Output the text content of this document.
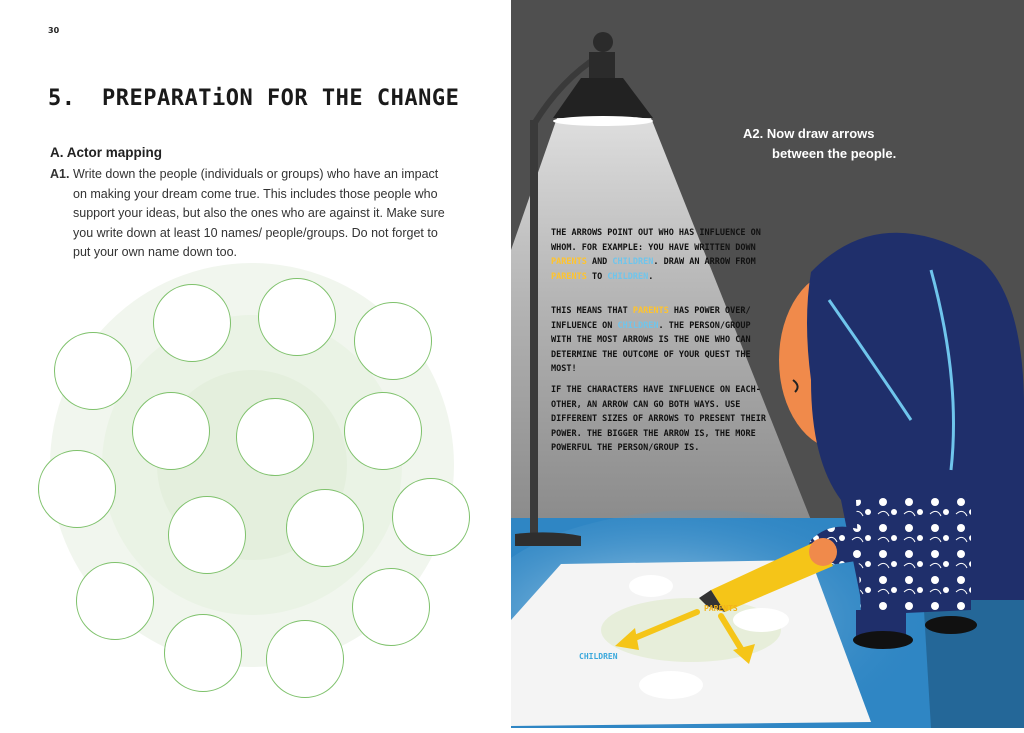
30
5. PREPARATiON FOR THE CHANGE
A. Actor mapping
A1. Write down the people (individuals or groups) who have an impact on making your dream come true. This includes those people who support your ideas, but also the ones who are against it. Make sure you write down at least 10 names/ people/groups. Do not forget to put your own name down too.
A2. Now draw arrows
between the people.
THE ARROWS POINT OUT WHO HAS INFLUENCE ON WHOM. FOR EXAMPLE: YOU HAVE WRITTEN DOWN PARENTS AND CHILDREN. DRAW AN ARROW FROM PARENTS TO CHILDREN.
THIS MEANS THAT PARENTS HAS POWER OVER/ INFLUENCE ON CHILDREN. THE PERSON/GROUP WITH THE MOST ARROWS IS THE ONE WHO CAN DETERMINE THE OUTCOME OF YOUR QUEST THE MOST!
IF THE CHARACTERS HAVE INFLUENCE ON EACH-OTHER, AN ARROW CAN GO BOTH WAYS. USE DIFFERENT SIZES OF ARROWS TO PRESENT THEIR POWER. THE BIGGER THE ARROW IS, THE MORE POWERFUL THE PERSON/GROUP IS.
PARENTS
CHILDREN
